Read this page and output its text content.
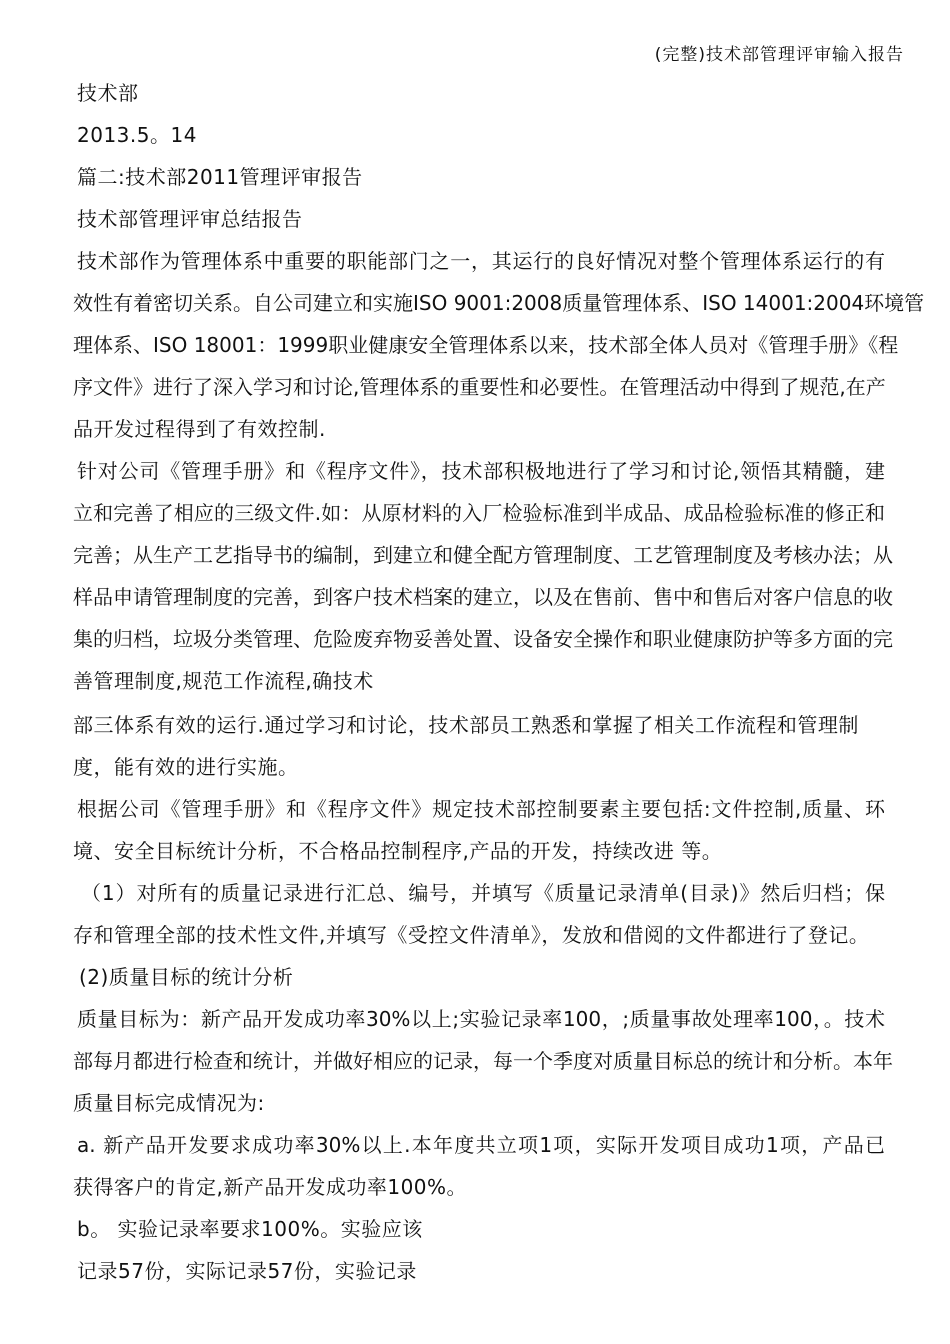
(完整)技术部管理评审输入报告
技术部
2013.5。14
篇二:技术部2011管理评审报告
技术部管理评审总结报告
技术部作为管理体系中重要的职能部门之一，其运行的良好情况对整个管理体系运行的有
效性有着密切关系。自公司建立和实施ISO 9001:2008质量管理体系、ISO 14001:2004环境管
理体系、ISO 18001：1999职业健康安全管理体系以来，技术部全体人员对《管理手册》《程
序文件》进行了深入学习和讨论,管理体系的重要性和必要性。在管理活动中得到了规范,在产
品开发过程得到了有效控制.
针对公司《管理手册》和《程序文件》，技术部积极地进行了学习和讨论,领悟其精髓，建
立和完善了相应的三级文件.如：从原材料的入厂检验标准到半成品、成品检验标准的修正和
完善；从生产工艺指导书的编制，到建立和健全配方管理制度、工艺管理制度及考核办法；从
样品申请管理制度的完善，到客户技术档案的建立，以及在售前、售中和售后对客户信息的收
集的归档，垃圾分类管理、危险废弃物妥善处置、设备安全操作和职业健康防护等多方面的完
善管理制度,规范工作流程,确技术
部三体系有效的运行.通过学习和讨论，技术部员工熟悉和掌握了相关工作流程和管理制
度，能有效的进行实施。
根据公司《管理手册》和《程序文件》规定技术部控制要素主要包括:文件控制,质量、环
境、安全目标统计分析，不合格品控制程序,产品的开发，持续改进 等。
（1）对所有的质量记录进行汇总、编号，并填写《质量记录清单(目录)》然后归档；保
存和管理全部的技术性文件,并填写《受控文件清单》，发放和借阅的文件都进行了登记。
(2)质量目标的统计分析
质量目标为：新产品开发成功率30%以上;实验记录率100，;质量事故处理率100，。技术
部每月都进行检查和统计，并做好相应的记录，每一个季度对质量目标总的统计和分析。本年
质量目标完成情况为:
a. 新产品开发要求成功率30%以上.本年度共立项1项，实际开发项目成功1项，产品已
获得客户的肯定,新产品开发成功率100%。
b。 实验记录率要求100%。实验应该
记录57份，实际记录57份，实验记录
